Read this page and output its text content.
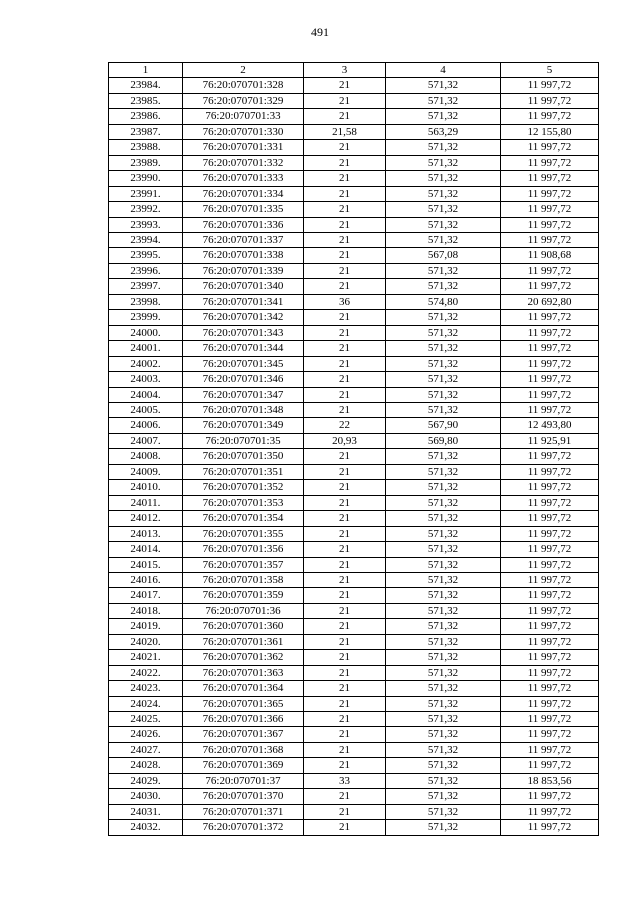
491
1	2	3	4	5
23984.	76:20:070701:328	21	571,32	11 997,72
23985.	76:20:070701:329	21	571,32	11 997,72
23986.	76:20:070701:33	21	571,32	11 997,72
23987.	76:20:070701:330	21,58	563,29	12 155,80
23988.	76:20:070701:331	21	571,32	11 997,72
23989.	76:20:070701:332	21	571,32	11 997,72
23990.	76:20:070701:333	21	571,32	11 997,72
23991.	76:20:070701:334	21	571,32	11 997,72
23992.	76:20:070701:335	21	571,32	11 997,72
23993.	76:20:070701:336	21	571,32	11 997,72
23994.	76:20:070701:337	21	571,32	11 997,72
23995.	76:20:070701:338	21	567,08	11 908,68
23996.	76:20:070701:339	21	571,32	11 997,72
23997.	76:20:070701:340	21	571,32	11 997,72
23998.	76:20:070701:341	36	574,80	20 692,80
23999.	76:20:070701:342	21	571,32	11 997,72
24000.	76:20:070701:343	21	571,32	11 997,72
24001.	76:20:070701:344	21	571,32	11 997,72
24002.	76:20:070701:345	21	571,32	11 997,72
24003.	76:20:070701:346	21	571,32	11 997,72
24004.	76:20:070701:347	21	571,32	11 997,72
24005.	76:20:070701:348	21	571,32	11 997,72
24006.	76:20:070701:349	22	567,90	12 493,80
24007.	76:20:070701:35	20,93	569,80	11 925,91
24008.	76:20:070701:350	21	571,32	11 997,72
24009.	76:20:070701:351	21	571,32	11 997,72
24010.	76:20:070701:352	21	571,32	11 997,72
24011.	76:20:070701:353	21	571,32	11 997,72
24012.	76:20:070701:354	21	571,32	11 997,72
24013.	76:20:070701:355	21	571,32	11 997,72
24014.	76:20:070701:356	21	571,32	11 997,72
24015.	76:20:070701:357	21	571,32	11 997,72
24016.	76:20:070701:358	21	571,32	11 997,72
24017.	76:20:070701:359	21	571,32	11 997,72
24018.	76:20:070701:36	21	571,32	11 997,72
24019.	76:20:070701:360	21	571,32	11 997,72
24020.	76:20:070701:361	21	571,32	11 997,72
24021.	76:20:070701:362	21	571,32	11 997,72
24022.	76:20:070701:363	21	571,32	11 997,72
24023.	76:20:070701:364	21	571,32	11 997,72
24024.	76:20:070701:365	21	571,32	11 997,72
24025.	76:20:070701:366	21	571,32	11 997,72
24026.	76:20:070701:367	21	571,32	11 997,72
24027.	76:20:070701:368	21	571,32	11 997,72
24028.	76:20:070701:369	21	571,32	11 997,72
24029.	76:20:070701:37	33	571,32	18 853,56
24030.	76:20:070701:370	21	571,32	11 997,72
24031.	76:20:070701:371	21	571,32	11 997,72
24032.	76:20:070701:372	21	571,32	11 997,72
